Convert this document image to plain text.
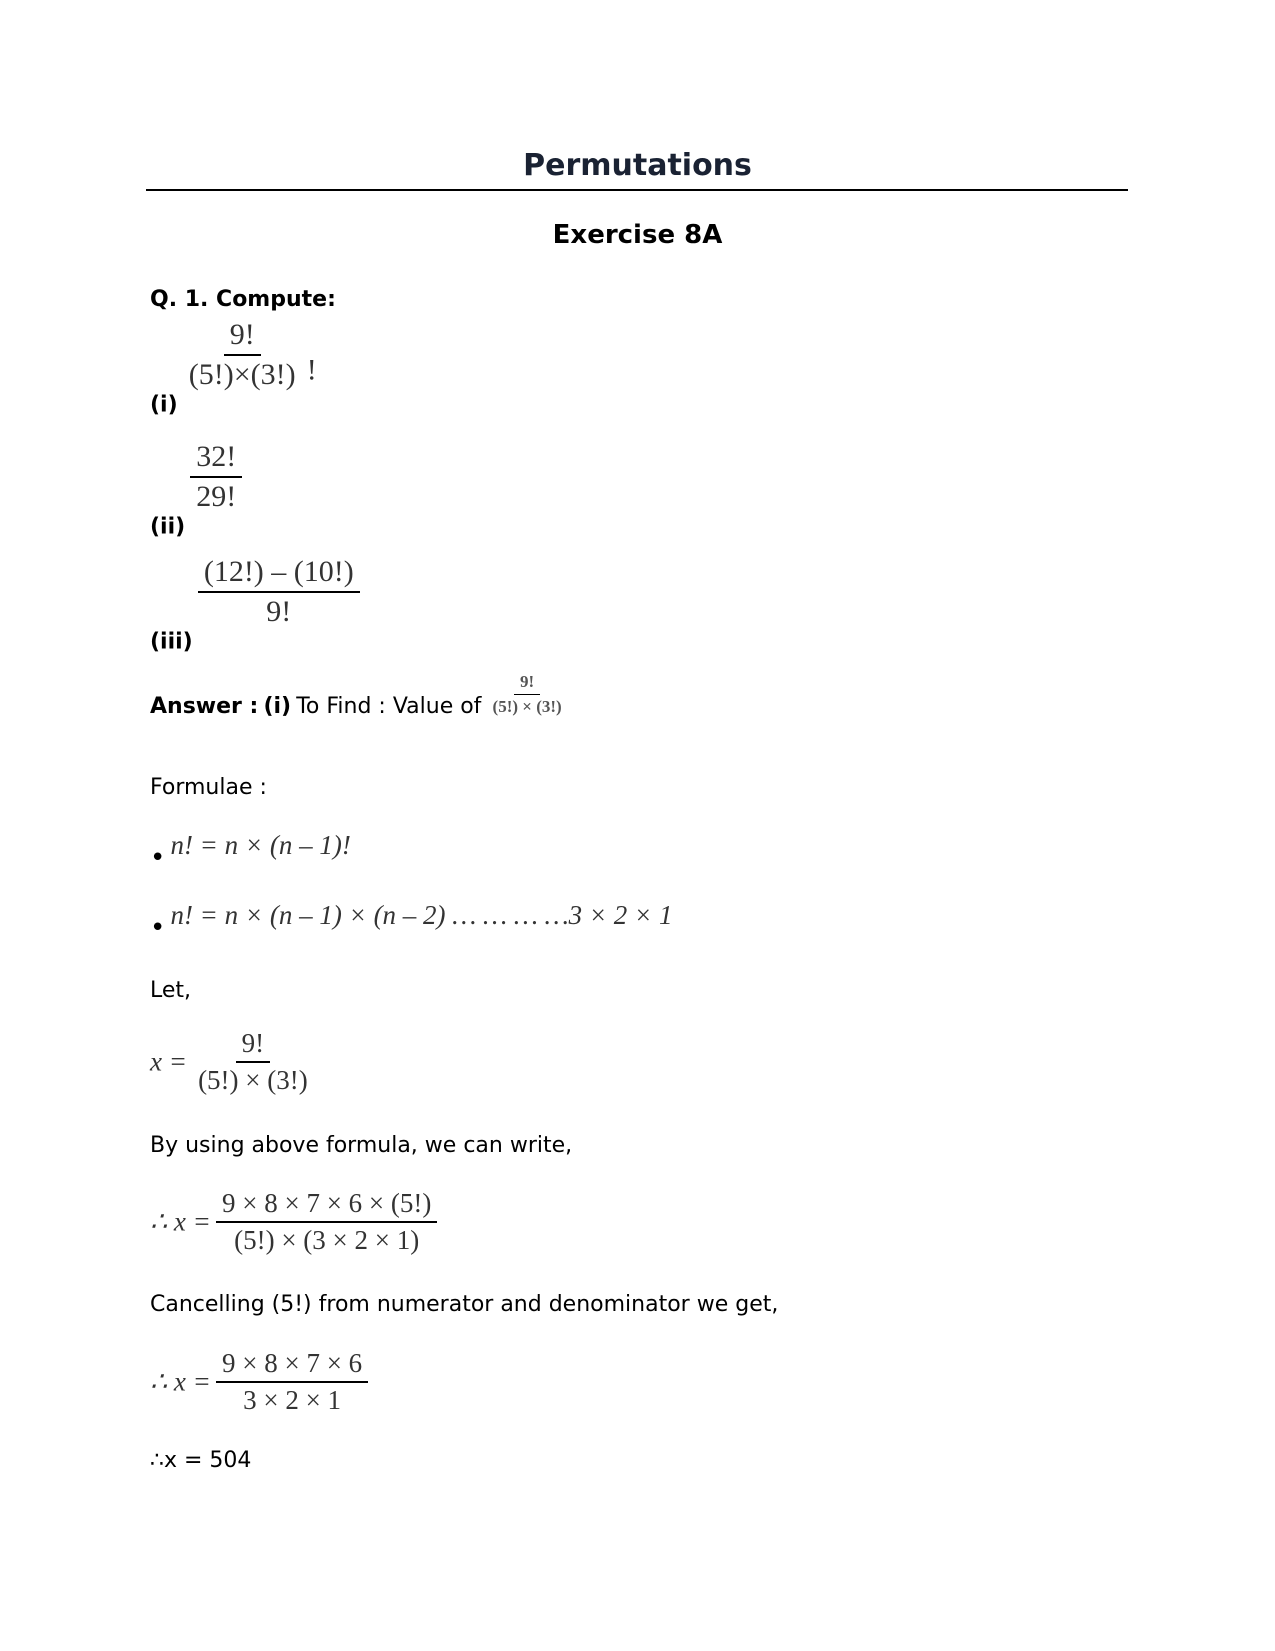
Permutations
Exercise 8A
Q. 1. Compute:
(i)
$\frac{9!}{(5!)\times(3!)}$ !
(ii)
$\frac{32!}{29!}$
(iii)
$\frac{(12!) - (10!)}{9!}$
Answer : (i) To Find : Value of $\frac{9!}{(5!) \times (3!)}$
Formulae :
• n! = n × (n – 1)!
• n! = n × (n – 1) × (n – 2) … … … …3 × 2 × 1
Let,
$x = \frac{9!}{(5!) \times (3!)}$
By using above formula, we can write,
∴ $x = \frac{9 \times 8 \times 7 \times 6 \times (5!)}{(5!) \times (3 \times 2 \times 1)}$
Cancelling (5!) from numerator and denominator we get,
∴ $x = \frac{9 \times 8 \times 7 \times 6}{3 \times 2 \times 1}$
∴x = 504
